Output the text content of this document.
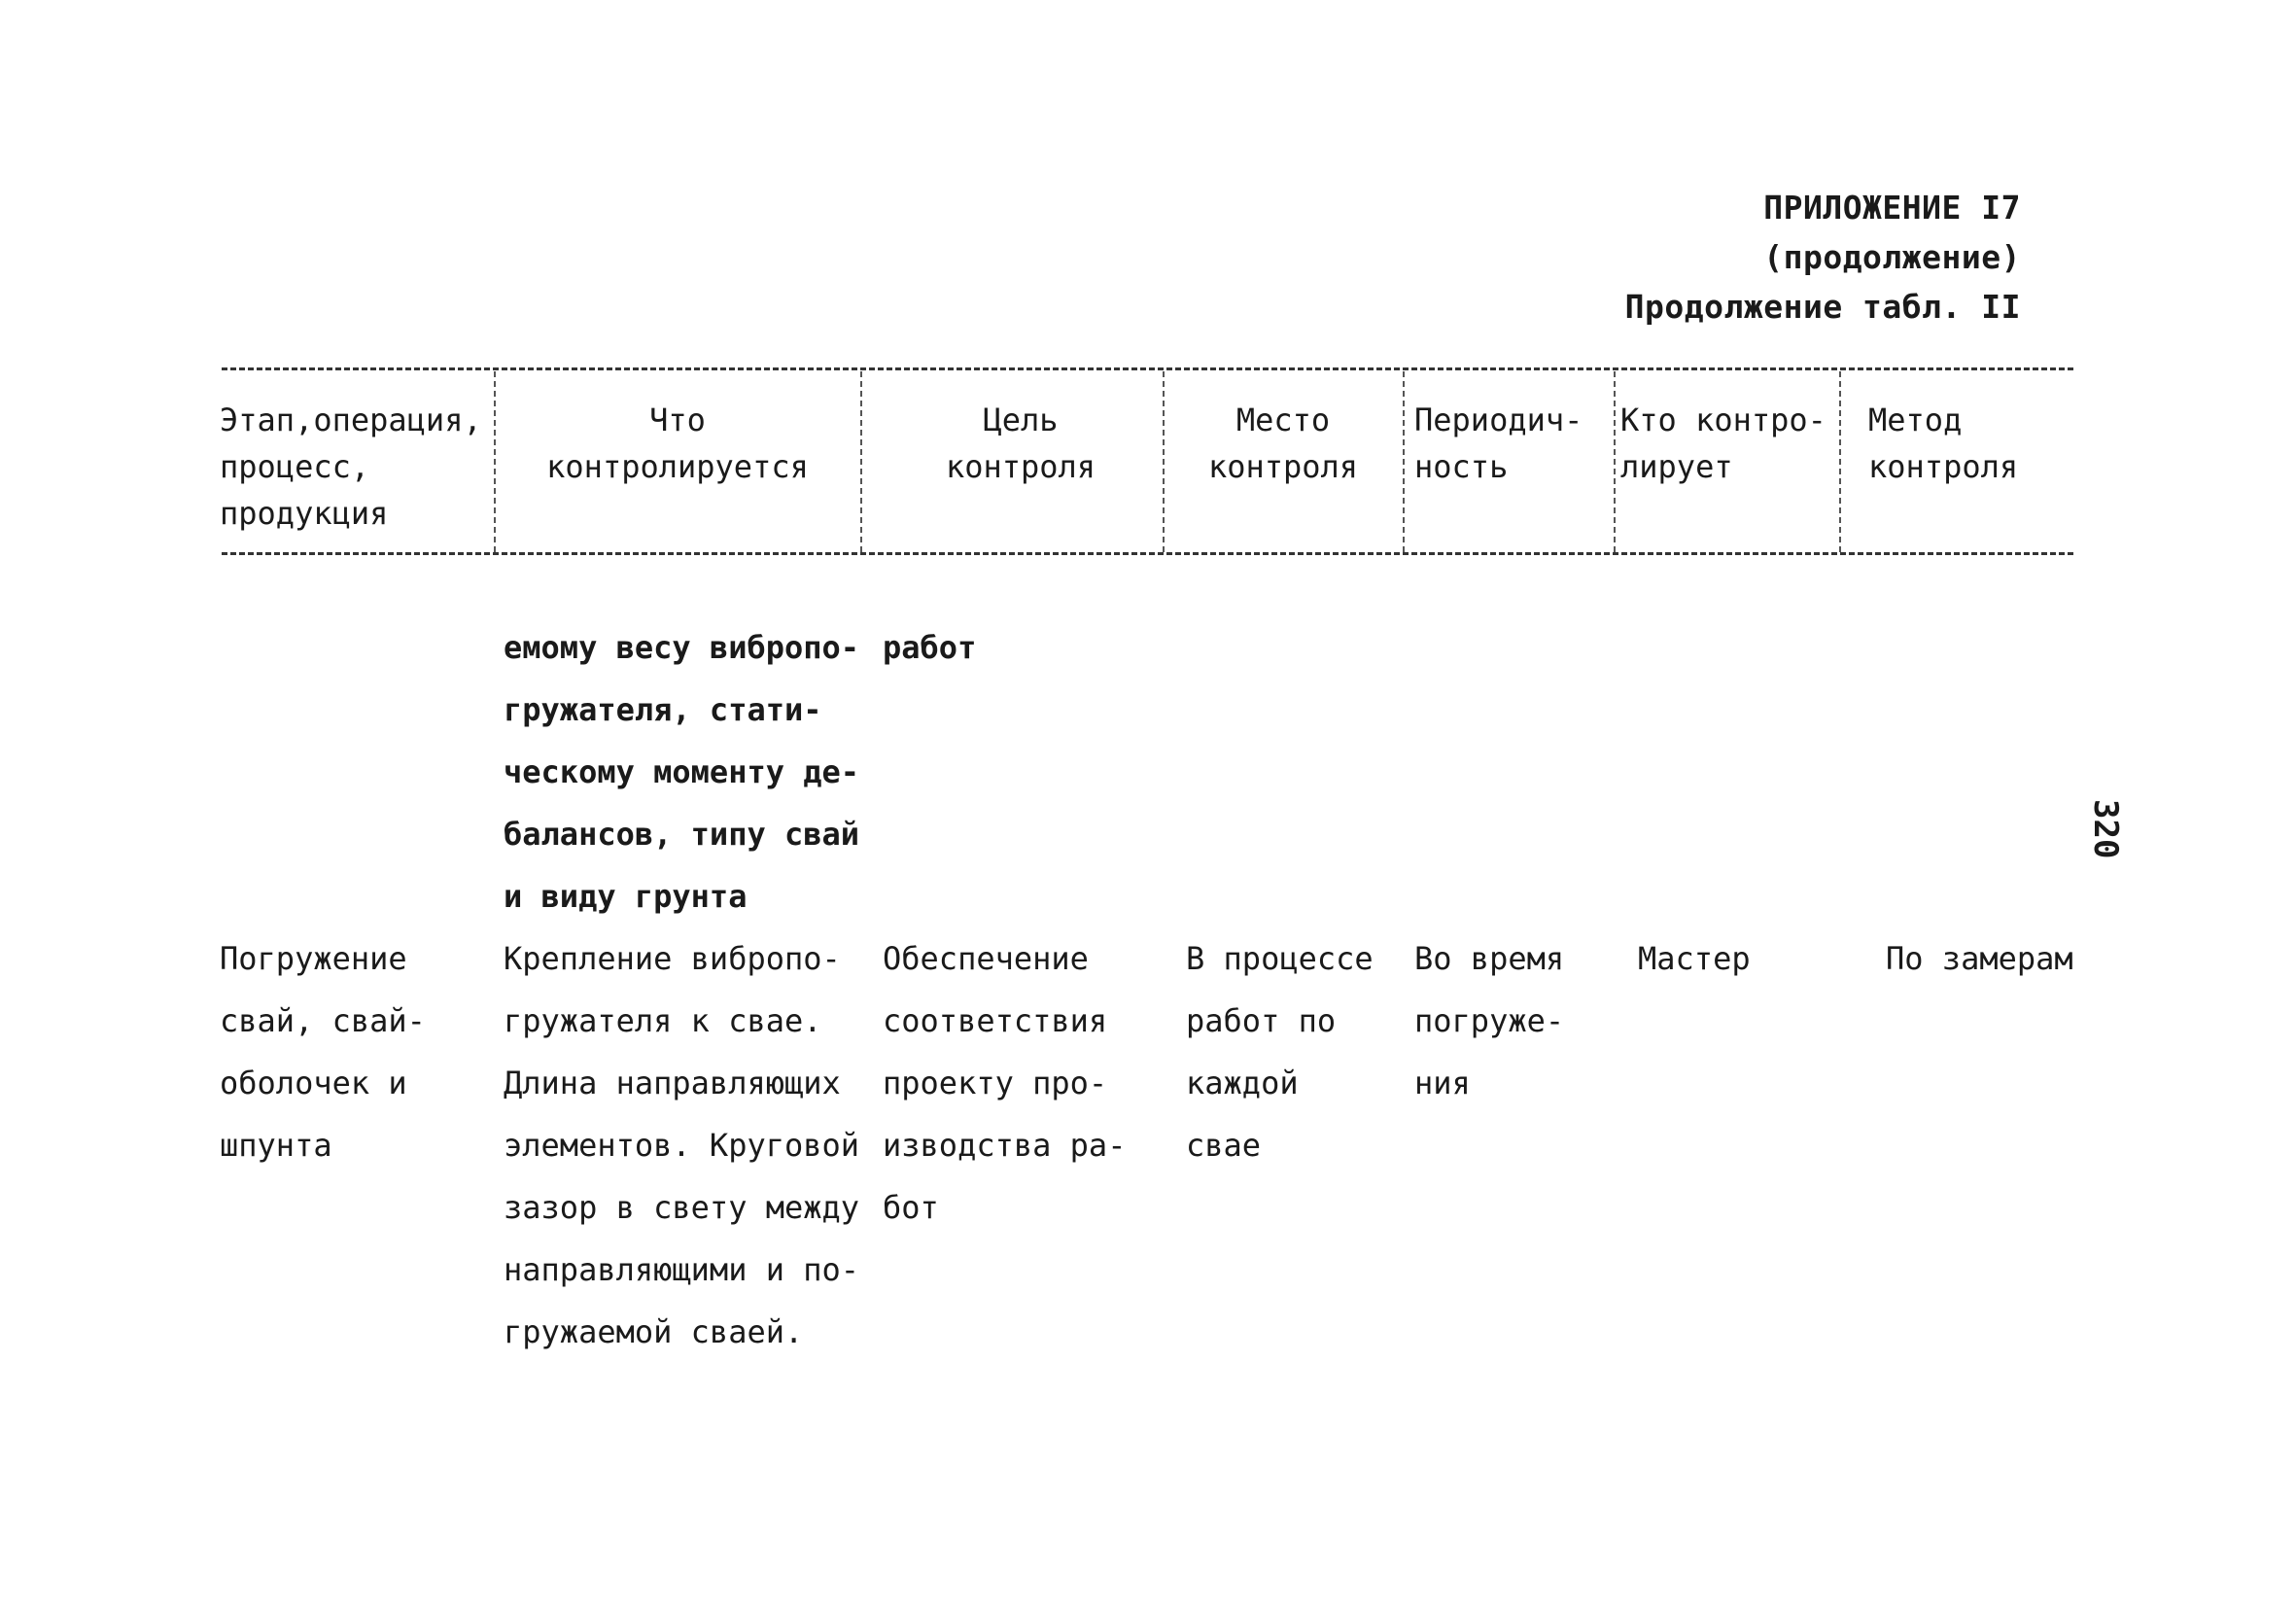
ПРИЛОЖЕНИЕ I7
(продолжение)
Продолжение табл. II
Этап,операция,
процесс,
продукция
Что
контролируется
Цель
контроля
Место
контроля
Периодич-
ность
Кто контро-
лирует
Метод
контроля
емому весу вибропо-
гружателя, стати-
ческому моменту де-
балансов, типу свай
и виду грунта
работ
Погружение
свай, свай-
оболочек и
шпунта
Крепление вибропо-
гружателя к свае.
Длина направляющих
элементов. Круговой
зазор в свету между
направляющими и по-
гружаемой сваей.
Обеспечение
соответствия
проекту про-
изводства ра-
бот
В процессе
работ по
каждой
свае
Во время
погруже-
ния
Мастер	По замерам
320
